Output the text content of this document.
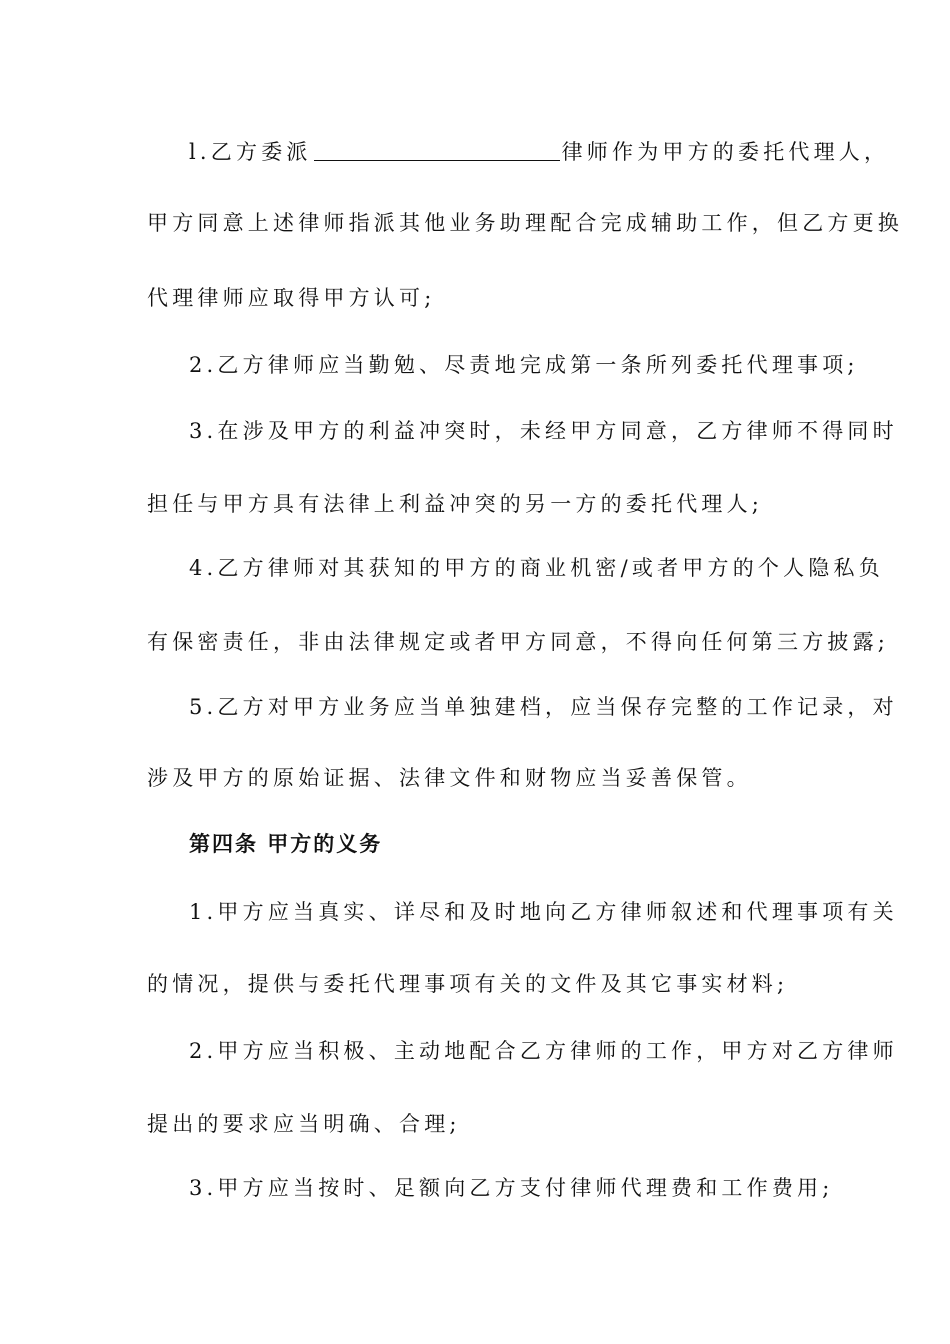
l.乙方委派	律师作为甲方的委托代理人，
甲方同意上述律师指派其他业务助理配合完成辅助工作，但乙方更换
代理律师应取得甲方认可;
2.乙方律师应当勤勉、尽责地完成第一条所列委托代理事项;
3.在涉及甲方的利益冲突时，未经甲方同意，乙方律师不得同时
担任与甲方具有法律上利益冲突的另一方的委托代理人;
4.乙方律师对其获知的甲方的商业机密/或者甲方的个人隐私负
有保密责任，非由法律规定或者甲方同意，不得向任何第三方披露;
5.乙方对甲方业务应当单独建档，应当保存完整的工作记录，对
涉及甲方的原始证据、法律文件和财物应当妥善保管。
第四条 甲方的义务
1.甲方应当真实、详尽和及时地向乙方律师叙述和代理事项有关
的情况，提供与委托代理事项有关的文件及其它事实材料;
2.甲方应当积极、主动地配合乙方律师的工作，甲方对乙方律师
提出的要求应当明确、合理;
3.甲方应当按时、足额向乙方支付律师代理费和工作费用;
